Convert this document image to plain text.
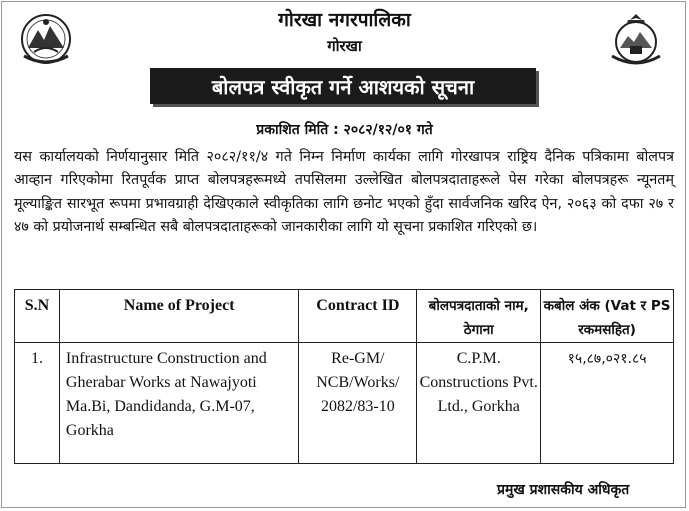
गोरखा नगरपालिका
गोरखा
बोलपत्र स्वीकृत गर्ने आशयको सूचना
प्रकाशित मिति : २०८२/१२/०१ गते

यस कार्यालयको निर्णयानुसार मिति २०८२/११/४ गते निम्न निर्माण कार्यका लागि गोरखापत्र राष्ट्रिय दैनिक पत्रिकामा बोलपत्र आव्हान गरिएकोमा रितपूर्वक प्राप्त बोलपत्रहरूमध्ये तपसिलमा उल्लेखित बोलपत्रदाताहरूले पेस गरेका बोलपत्रहरू न्यूनतम् मूल्याङ्कित सारभूत रूपमा प्रभावग्राही देखिएकाले स्वीकृतिका लागि छनोट भएको हुँदा सार्वजनिक खरिद ऐन, २०६३ को दफा २७ र ४७ को प्रयोजनार्थ सम्बन्धित सबै बोलपत्रदाताहरूको जानकारीका लागि यो सूचना प्रकाशित गरिएको छ।

S.N	Name of Project	Contract ID	बोलपत्रदाताको नाम, ठेगाना	कबोल अंक (Vat र PS रकमसहित)
1.	Infrastructure Construction and Gherabar Works at Nawajyoti Ma.Bi, Dandidanda, G.M-07, Gorkha	Re-GM/ NCB/Works/ 2082/83-10	C.P.M. Constructions Pvt. Ltd., Gorkha	१५,८७,०२१.८५
प्रमुख प्रशासकीय अधिकृत
